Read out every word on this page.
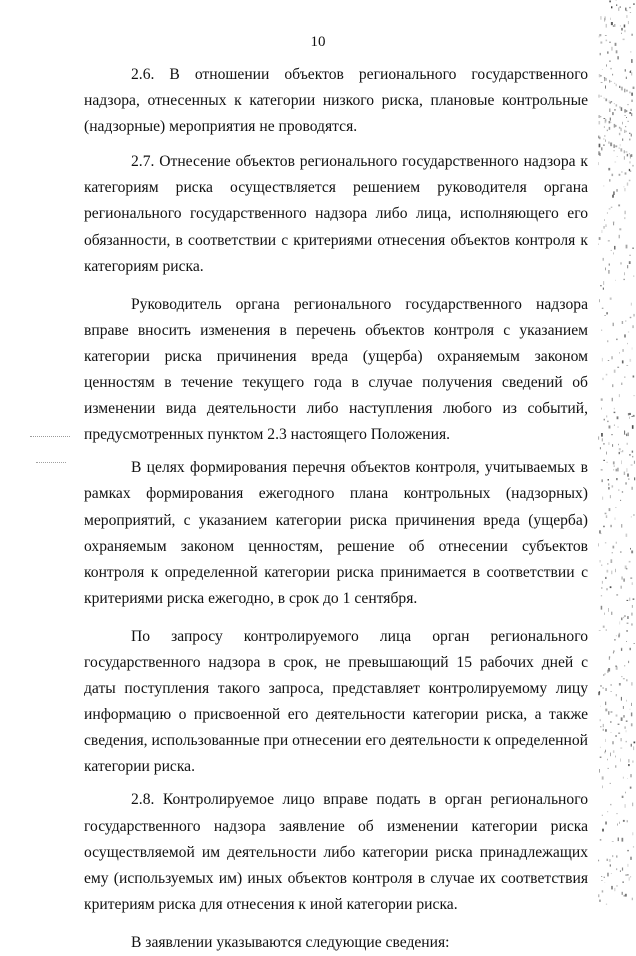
10

2.6. В отношении объектов регионального государственного надзора, отнесенных к категории низкого риска, плановые контрольные (надзорные) мероприятия не проводятся.

2.7. Отнесение объектов регионального государственного надзора к категориям риска осуществляется решением руководителя органа регионального государственного надзора либо лица, исполняющего его обязанности, в соответствии с критериями отнесения объектов контроля к категориям риска.

Руководитель органа регионального государственного надзора вправе вносить изменения в перечень объектов контроля с указанием категории риска причинения вреда (ущерба) охраняемым законом ценностям в течение текущего года в случае получения сведений об изменении вида деятельности либо наступления любого из событий, предусмотренных пунктом 2.3 настоящего Положения.

В целях формирования перечня объектов контроля, учитываемых в рамках формирования ежегодного плана контрольных (надзорных) мероприятий, с указанием категории риска причинения вреда (ущерба) охраняемым законом ценностям, решение об отнесении субъектов контроля к определенной категории риска принимается в соответствии с критериями риска ежегодно, в срок до 1 сентября.

По запросу контролируемого лица орган регионального государственного надзора в срок, не превышающий 15 рабочих дней с даты поступления такого запроса, представляет контролируемому лицу информацию о присвоенной его деятельности категории риска, а также сведения, использованные при отнесении его деятельности к определенной категории риска.

2.8. Контролируемое лицо вправе подать в орган регионального государственного надзора заявление об изменении категории риска осуществляемой им деятельности либо категории риска принадлежащих ему (используемых им) иных объектов контроля в случае их соответствия критериям риска для отнесения к иной категории риска.

В заявлении указываются следующие сведения:
